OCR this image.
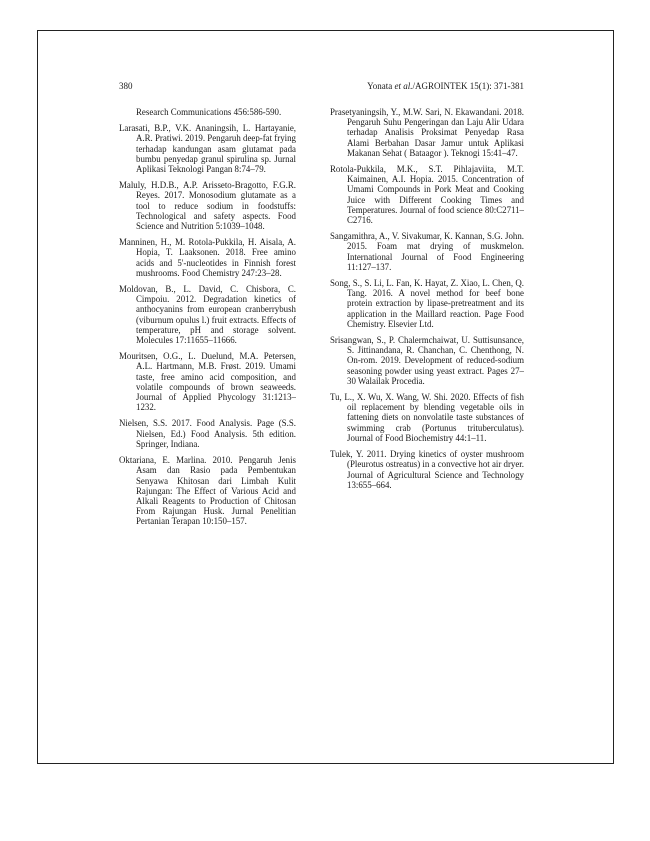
380	Yonata et al./AGROINTEK 15(1): 371-381

Research Communications 456:586-590.

Larasati, B.P., V.K. Ananingsih, L. Hartayanie, A.R. Pratiwi. 2019. Pengaruh deep-fat frying terhadap kandungan asam glutamat pada bumbu penyedap granul spirulina sp. Jurnal Aplikasi Teknologi Pangan 8:74–79.

Maluly, H.D.B., A.P. Arisseto-Bragotto, F.G.R. Reyes. 2017. Monosodium glutamate as a tool to reduce sodium in foodstuffs: Technological and safety aspects. Food Science and Nutrition 5:1039–1048.

Manninen, H., M. Rotola-Pukkila, H. Aisala, A. Hopia, T. Laaksonen. 2018. Free amino acids and 5'-nucleotides in Finnish forest mushrooms. Food Chemistry 247:23–28.

Moldovan, B., L. David, C. Chisbora, C. Cimpoiu. 2012. Degradation kinetics of anthocyanins from european cranberrybush (viburnum opulus l.) fruit extracts. Effects of temperature, pH and storage solvent. Molecules 17:11655–11666.

Mouritsen, O.G., L. Duelund, M.A. Petersen, A.L. Hartmann, M.B. Frøst. 2019. Umami taste, free amino acid composition, and volatile compounds of brown seaweeds. Journal of Applied Phycology 31:1213–1232.

Nielsen, S.S. 2017. Food Analysis. Page (S.S. Nielsen, Ed.) Food Analysis. 5th edition. Springer, Indiana.

Oktariana, E. Marlina. 2010. Pengaruh Jenis Asam dan Rasio pada Pembentukan Senyawa Khitosan dari Limbah Kulit Rajungan: The Effect of Various Acid and Alkali Reagents to Production of Chitosan From Rajungan Husk. Jurnal Penelitian Pertanian Terapan 10:150–157.

Prasetyaningsih, Y., M.W. Sari, N. Ekawandani. 2018. Pengaruh Suhu Pengeringan dan Laju Alir Udara terhadap Analisis Proksimat Penyedap Rasa Alami Berbahan Dasar Jamur untuk Aplikasi Makanan Sehat ( Bataagor ). Teknogi 15:41–47.

Rotola-Pukkila, M.K., S.T. Pihlajaviita, M.T. Kaimainen, A.I. Hopia. 2015. Concentration of Umami Compounds in Pork Meat and Cooking Juice with Different Cooking Times and Temperatures. Journal of food science 80:C2711–C2716.

Sangamithra, A., V. Sivakumar, K. Kannan, S.G. John. 2015. Foam mat drying of muskmelon. International Journal of Food Engineering 11:127–137.

Song, S., S. Li, L. Fan, K. Hayat, Z. Xiao, L. Chen, Q. Tang. 2016. A novel method for beef bone protein extraction by lipase-pretreatment and its application in the Maillard reaction. Page Food Chemistry. Elsevier Ltd.

Srisangwan, S., P. Chalermchaiwat, U. Suttisunsance, S. Jittinandana, R. Chanchan, C. Chenthong, N. On-rom. 2019. Development of reduced-sodium seasoning powder using yeast extract. Pages 27–30 Walailak Procedia.

Tu, L., X. Wu, X. Wang, W. Shi. 2020. Effects of fish oil replacement by blending vegetable oils in fattening diets on nonvolatile taste substances of swimming crab (Portunus trituberculatus). Journal of Food Biochemistry 44:1–11.

Tulek, Y. 2011. Drying kinetics of oyster mushroom (Pleurotus ostreatus) in a convective hot air dryer. Journal of Agricultural Science and Technology 13:655–664.
